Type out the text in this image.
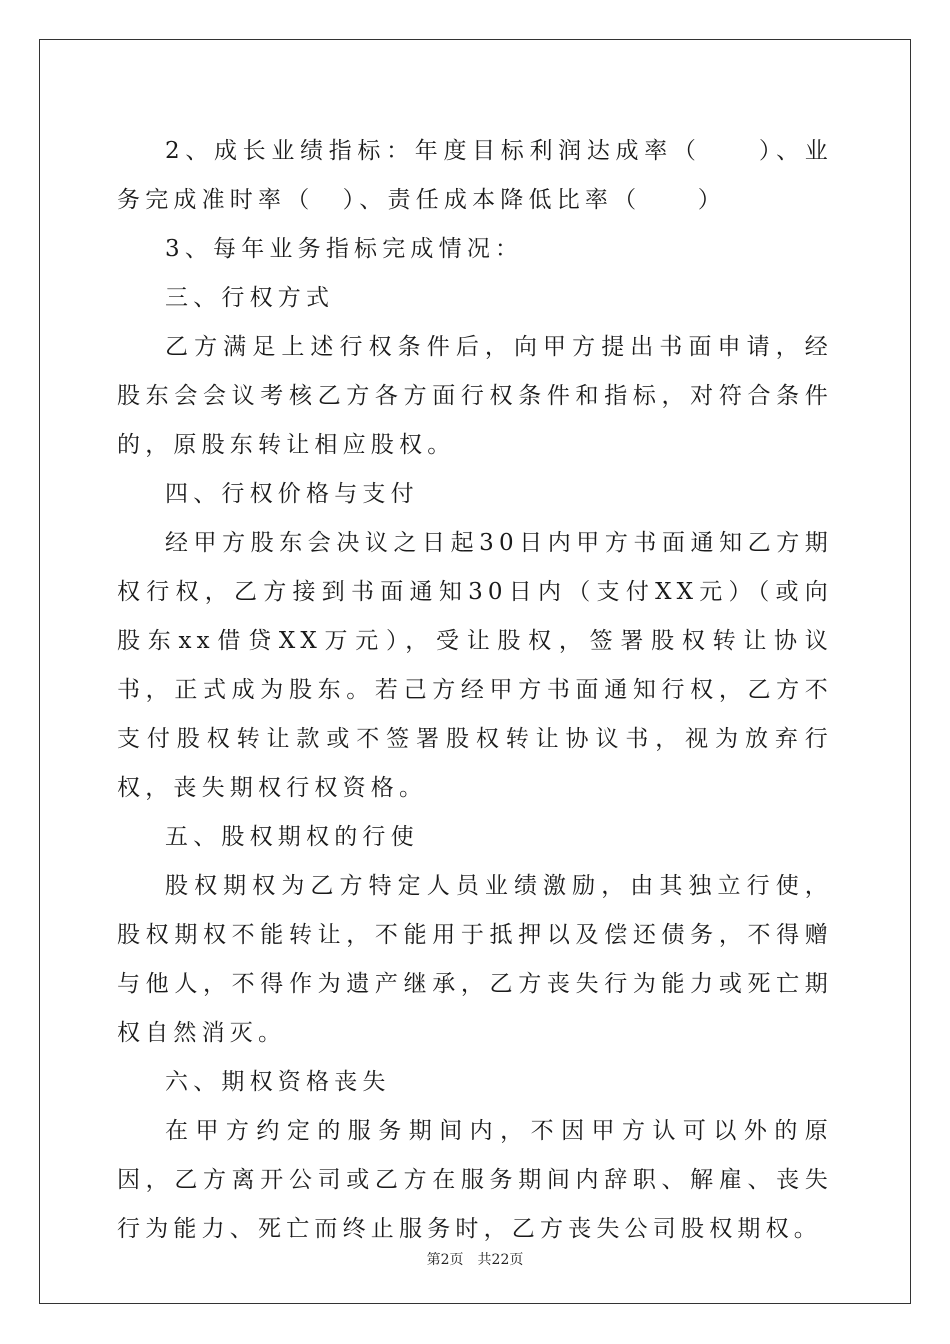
2、成长业绩指标：年度目标利润达成率（　　）、业务完成准时率（　）、责任成本降低比率（　　）

3、每年业务指标完成情况：

三、行权方式

乙方满足上述行权条件后，向甲方提出书面申请，经股东会会议考核乙方各方面行权条件和指标，对符合条件的，原股东转让相应股权。

四、行权价格与支付

经甲方股东会决议之日起30日内甲方书面通知乙方期权行权，乙方接到书面通知30日内（支付XX元）（或向股东xx借贷XX万元），受让股权，签署股权转让协议书，正式成为股东。若己方经甲方书面通知行权，乙方不支付股权转让款或不签署股权转让协议书，视为放弃行权，丧失期权行权资格。

五、股权期权的行使

股权期权为乙方特定人员业绩激励，由其独立行使，股权期权不能转让，不能用于抵押以及偿还债务，不得赠与他人，不得作为遗产继承，乙方丧失行为能力或死亡期权自然消灭。

六、期权资格丧失

在甲方约定的服务期间内，不因甲方认可以外的原因，乙方离开公司或乙方在服务期间内辞职、解雇、丧失行为能力、死亡而终止服务时，乙方丧失公司股权期权。

第2页　共22页
